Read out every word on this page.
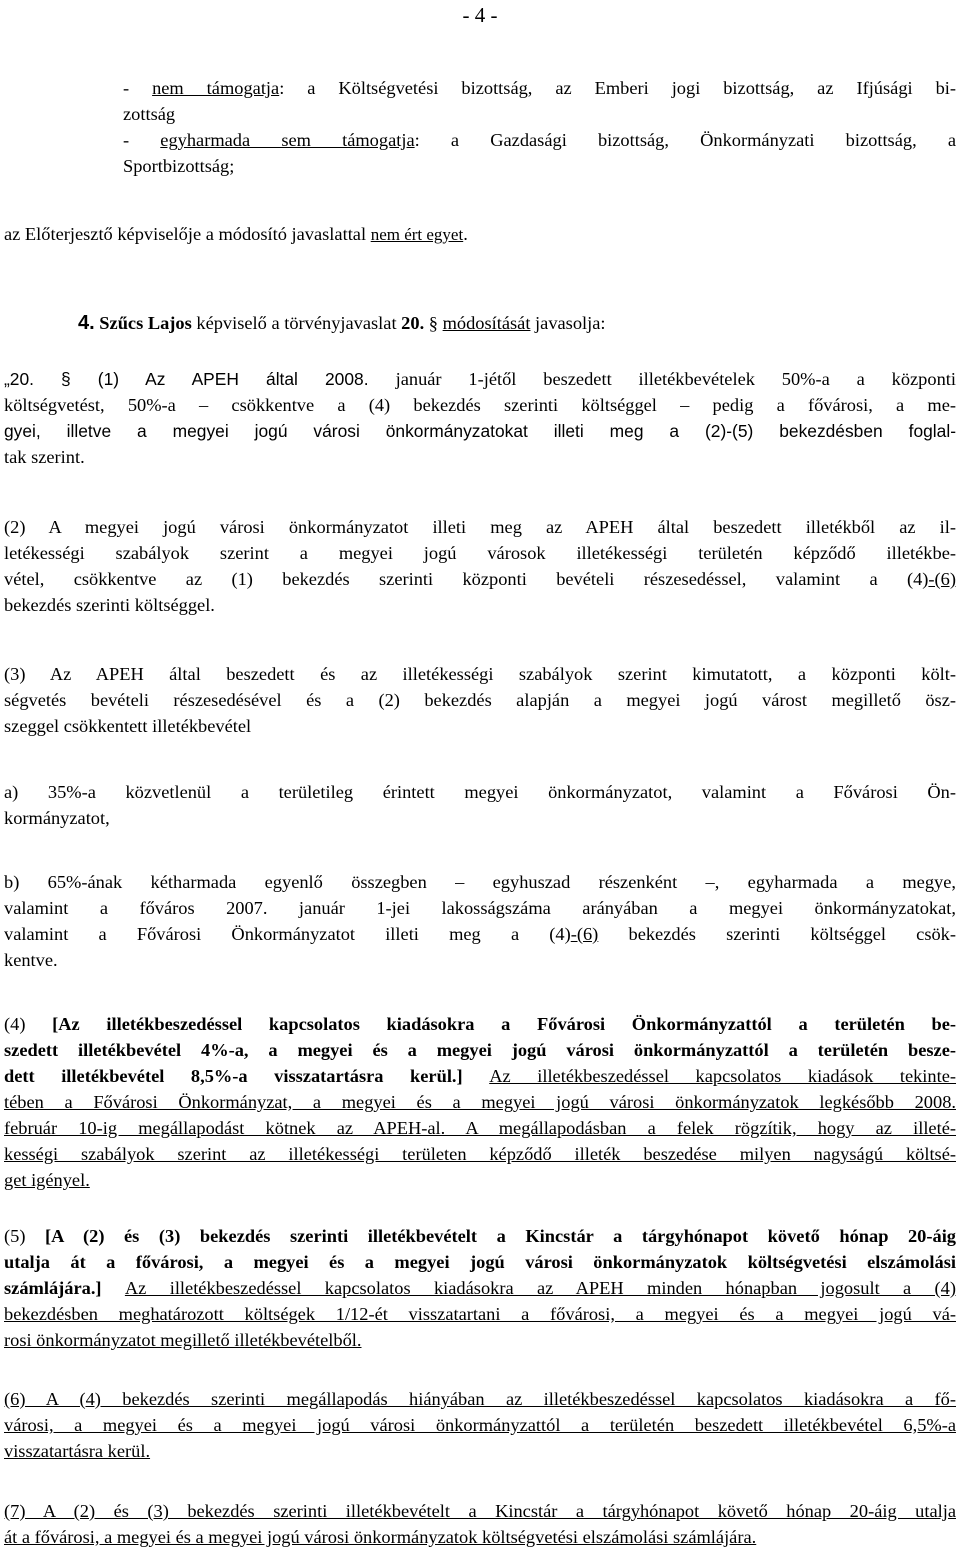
- 4 -
- nem támogatja: a Költségvetési bizottság, az Emberi jogi bizottság, az Ifjúsági bi-
zottság
- egyharmada sem támogatja: a Gazdasági bizottság, Önkormányzati bizottság, a
Sportbizottság;
az Előterjesztő képviselője a módosító javaslattal nem ért egyet.
4. Szűcs Lajos képviselő a törvényjavaslat 20. § módosítását javasolja:
„20. § (1) Az APEH által 2008. január 1-jétől beszedett illetékbevételek 50%-a a központi
költségvetést, 50%-a – csökkentve a (4) bekezdés szerinti költséggel – pedig a fővárosi, a me-
gyei, illetve a megyei jogú városi önkormányzatokat illeti meg a (2)-(5) bekezdésben foglal-
tak szerint.
(2) A megyei jogú városi önkormányzatot illeti meg az APEH által beszedett illetékből az il-
letékességi szabályok szerint a megyei jogú városok illetékességi területén képződő illetékbe-
vétel, csökkentve az (1) bekezdés szerinti központi bevételi részesedéssel, valamint a (4)-(6)
bekezdés szerinti költséggel.
(3) Az APEH által beszedett és az illetékességi szabályok szerint kimutatott, a központi költ-
ségvetés bevételi részesedésével és a (2) bekezdés alapján a megyei jogú várost megillető ösz-
szeggel csökkentett illetékbevétel
a) 35%-a közvetlenül a területileg érintett megyei önkormányzatot, valamint a Fővárosi Ön-
kormányzatot,
b) 65%-ának kétharmada egyenlő összegben – egyhuszad részenként –, egyharmada a megye,
valamint a főváros 2007. január 1-jei lakosságszáma arányában a megyei önkormányzatokat,
valamint a Fővárosi Önkormányzatot illeti meg a (4)-(6) bekezdés szerinti költséggel csök-
kentve.
(4) [Az illetékbeszedéssel kapcsolatos kiadásokra a Fővárosi Önkormányzattól a területén be-
szedett illetékbevétel 4%-a, a megyei és a megyei jogú városi önkormányzattól a területén beszе-
dett illetékbevétel 8,5%-a visszatartásra kerül.] Az illetékbeszedéssel kapcsolatos kiadások tekinte-
tében a Fővárosi Önkormányzat, a megyei és a megyei jogú városi önkormányzatok legkésőbb 2008.
február 10-ig megállapodást kötnek az APEH-al. A megállapodásban a felek rögzítik, hogy az illeté-
kességi szabályok szerint az illetékességi területen képződő illeték beszedése milyen nagyságú költsé-
get igényel.
(5) [A (2) és (3) bekezdés szerinti illetékbevételt a Kincstár a tárgyhónapot követő hónap 20-áig
utalja át a fővárosi, a megyei és a megyei jogú városi önkormányzatok költségvetési elszámolási
számlájára.] Az illetékbeszedéssel kapcsolatos kiadásokra az APEH minden hónapban jogosult a (4)
bekezdésben meghatározott költségek 1/12-ét visszatartani a fővárosi, a megyei és a megyei jogú vá-
rosi önkormányzatot megillető illetékbevételből.
(6) A (4) bekezdés szerinti megállapodás hiányában az illetékbeszedéssel kapcsolatos kiadásokra a fő-
városi, a megyei és a megyei jogú városi önkormányzattól a területén beszedett illetékbevétel 6,5%-a
visszatartásra kerül.
(7) A (2) és (3) bekezdés szerinti illetékbevételt a Kincstár a tárgyhónapot követő hónap 20-áig utalja
át a fővárosi, a megyei és a megyei jogú városi önkormányzatok költségvetési elszámolási számlájára.
